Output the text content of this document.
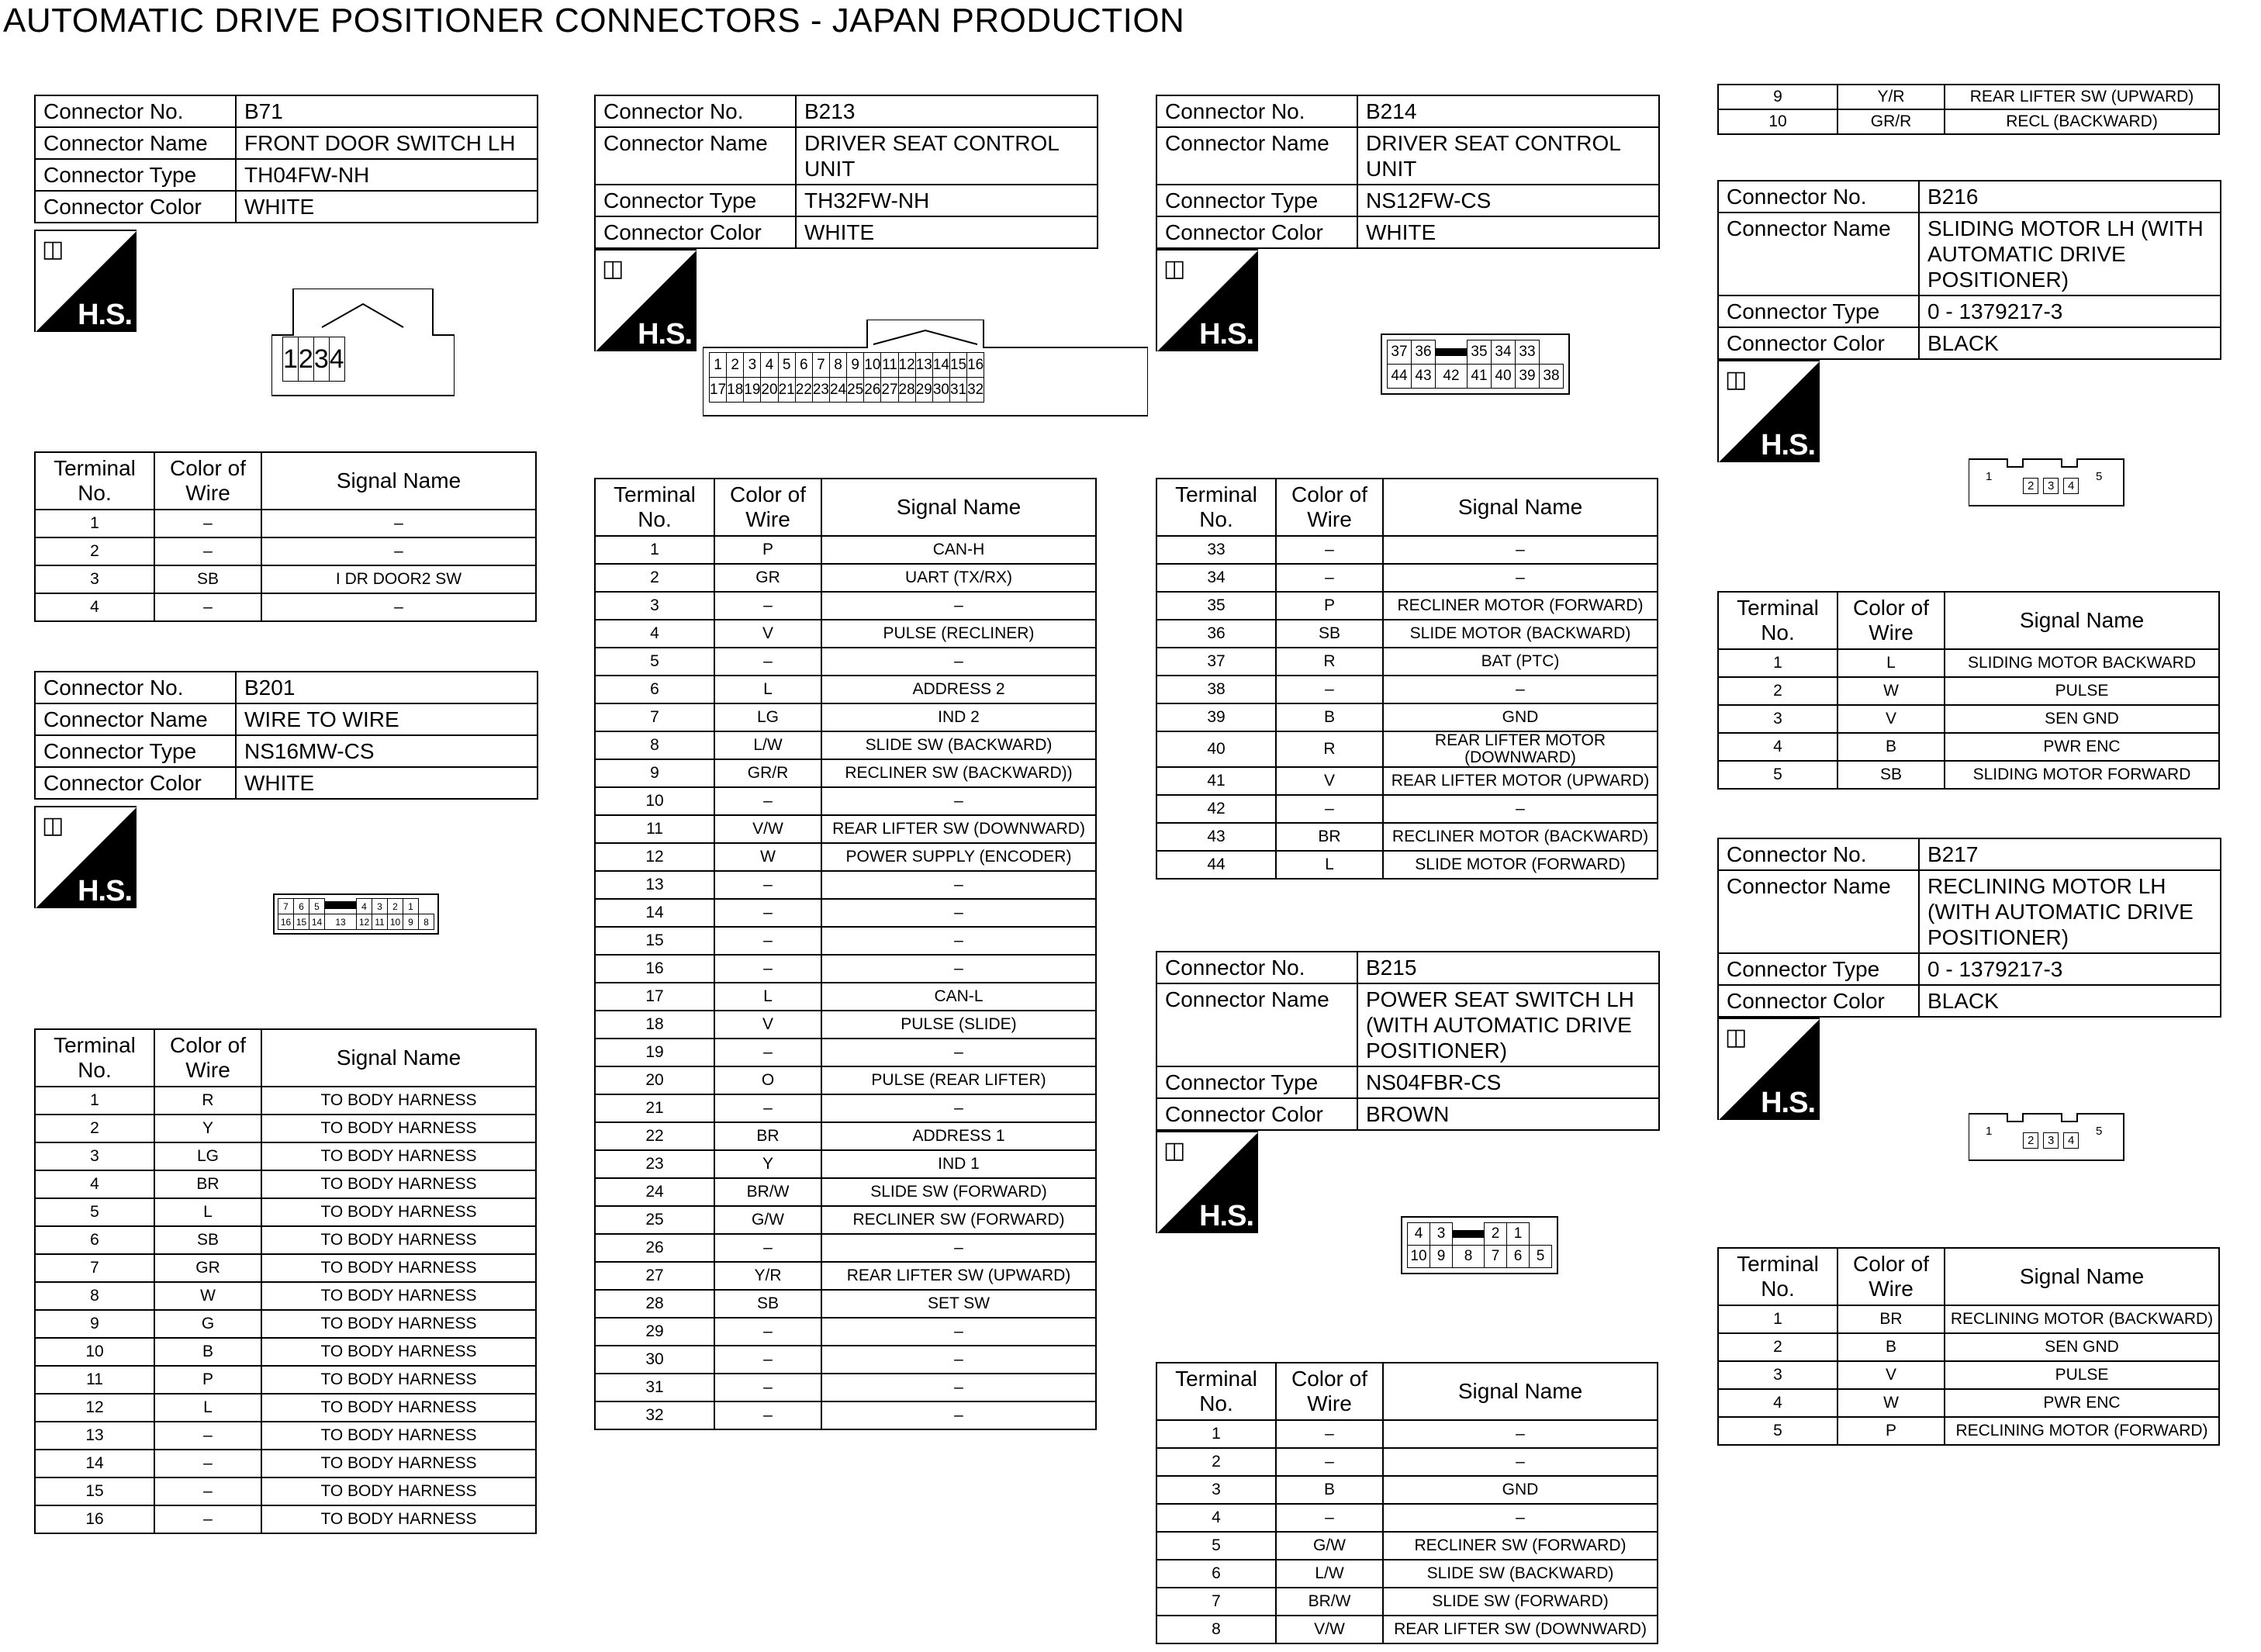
AUTOMATIC DRIVE POSITIONER CONNECTORS - JAPAN PRODUCTION
Connector No.	B71
Connector Name	FRONT DOOR SWITCH LH
Connector Type	TH04FW-NH
Connector Color	WHITE
◫
H.S.
1	2	3	4
Terminal No.	Color of Wire	Signal Name
1	–	–
2	–	–
3	SB	I DR DOOR2 SW
4	–	–
Connector No.	B201
Connector Name	WIRE TO WIRE
Connector Type	NS16MW-CS
Connector Color	WHITE
◫
H.S.	7	6	5		4	3	2	1	
16	15	14	13	12	11	10	9	8
Terminal No.	Color of Wire	Signal Name
1	R	TO BODY HARNESS
2	Y	TO BODY HARNESS
3	LG	TO BODY HARNESS
4	BR	TO BODY HARNESS
5	L	TO BODY HARNESS
6	SB	TO BODY HARNESS
7	GR	TO BODY HARNESS
8	W	TO BODY HARNESS
9	G	TO BODY HARNESS
10	B	TO BODY HARNESS
11	P	TO BODY HARNESS
12	L	TO BODY HARNESS
13	–	TO BODY HARNESS
14	–	TO BODY HARNESS
15	–	TO BODY HARNESS
16	–	TO BODY HARNESS
Connector No.	B213
Connector Name	DRIVER SEAT CONTROL UNIT
Connector Type	TH32FW-NH
Connector Color	WHITE
◫
H.S.
1	2	3	4	5	6	7	8	9	10	11	12	13	14	15	16
17	18	19	20	21	22	23	24	25	26	27	28	29	30	31	32
Terminal No.	Color of Wire	Signal Name
1	P	CAN-H
2	GR	UART (TX/RX)
3	–	–
4	V	PULSE (RECLINER)
5	–	–
6	L	ADDRESS 2
7	LG	IND 2
8	L/W	SLIDE SW (BACKWARD)
9	GR/R	RECLINER SW (BACKWARD))
10	–	–
11	V/W	REAR LIFTER SW (DOWNWARD)
12	W	POWER SUPPLY (ENCODER)
13	–	–
14	–	–
15	–	–
16	–	–
17	L	CAN-L
18	V	PULSE (SLIDE)
19	–	–
20	O	PULSE (REAR LIFTER)
21	–	–
22	BR	ADDRESS 1
23	Y	IND 1
24	BR/W	SLIDE SW (FORWARD)
25	G/W	RECLINER SW (FORWARD)
26	–	–
27	Y/R	REAR LIFTER SW (UPWARD)
28	SB	SET SW
29	–	–
30	–	–
31	–	–
32	–	–
Connector No.	B214
Connector Name	DRIVER SEAT CONTROL UNIT
Connector Type	NS12FW-CS
Connector Color	WHITE
◫
H.S.
37	36		35	34	33	
44	43	42	41	40	39	38
Terminal No.	Color of Wire	Signal Name
33	–	–
34	–	–
35	P	RECLINER MOTOR (FORWARD)
36	SB	SLIDE MOTOR (BACKWARD)
37	R	BAT (PTC)
38	–	–
39	B	GND
40	R	REAR LIFTER MOTOR (DOWNWARD)
41	V	REAR LIFTER MOTOR (UPWARD)
42	–	–
43	BR	RECLINER MOTOR (BACKWARD)
44	L	SLIDE MOTOR (FORWARD)
Connector No.	B215
Connector Name	POWER SEAT SWITCH LH (WITH AUTOMATIC DRIVE POSITIONER)
Connector Type	NS04FBR-CS
Connector Color	BROWN
◫
H.S.
4	3		2	1	
10	9	8	7	6	5
Terminal No.	Color of Wire	Signal Name
1	–	–
2	–	–
3	B	GND
4	–	–
5	G/W	RECLINER SW (FORWARD)
6	L/W	SLIDE SW (BACKWARD)
7	BR/W	SLIDE SW (FORWARD)
8	V/W	REAR LIFTER SW (DOWNWARD)
9	Y/R	REAR LIFTER SW (UPWARD)
10	GR/R	RECL (BACKWARD)
Connector No.	B216
Connector Name	SLIDING MOTOR LH (WITH AUTOMATIC DRIVE POSITIONER)
Connector Type	0 - 1379217-3
Connector Color	BLACK
◫
H.S.
1
2	3	4
5
Terminal No.	Color of Wire	Signal Name
1	L	SLIDING MOTOR BACKWARD
2	W	PULSE
3	V	SEN GND
4	B	PWR ENC
5	SB	SLIDING MOTOR FORWARD
Connector No.	B217
Connector Name	RECLINING MOTOR LH (WITH AUTOMATIC DRIVE POSITIONER)
Connector Type	0 - 1379217-3
Connector Color	BLACK
◫
H.S.
1
2	3	4
5
Terminal No.	Color of Wire	Signal Name
1	BR	RECLINING MOTOR (BACKWARD)
2	B	SEN GND
3	V	PULSE
4	W	PWR ENC
5	P	RECLINING MOTOR (FORWARD)
